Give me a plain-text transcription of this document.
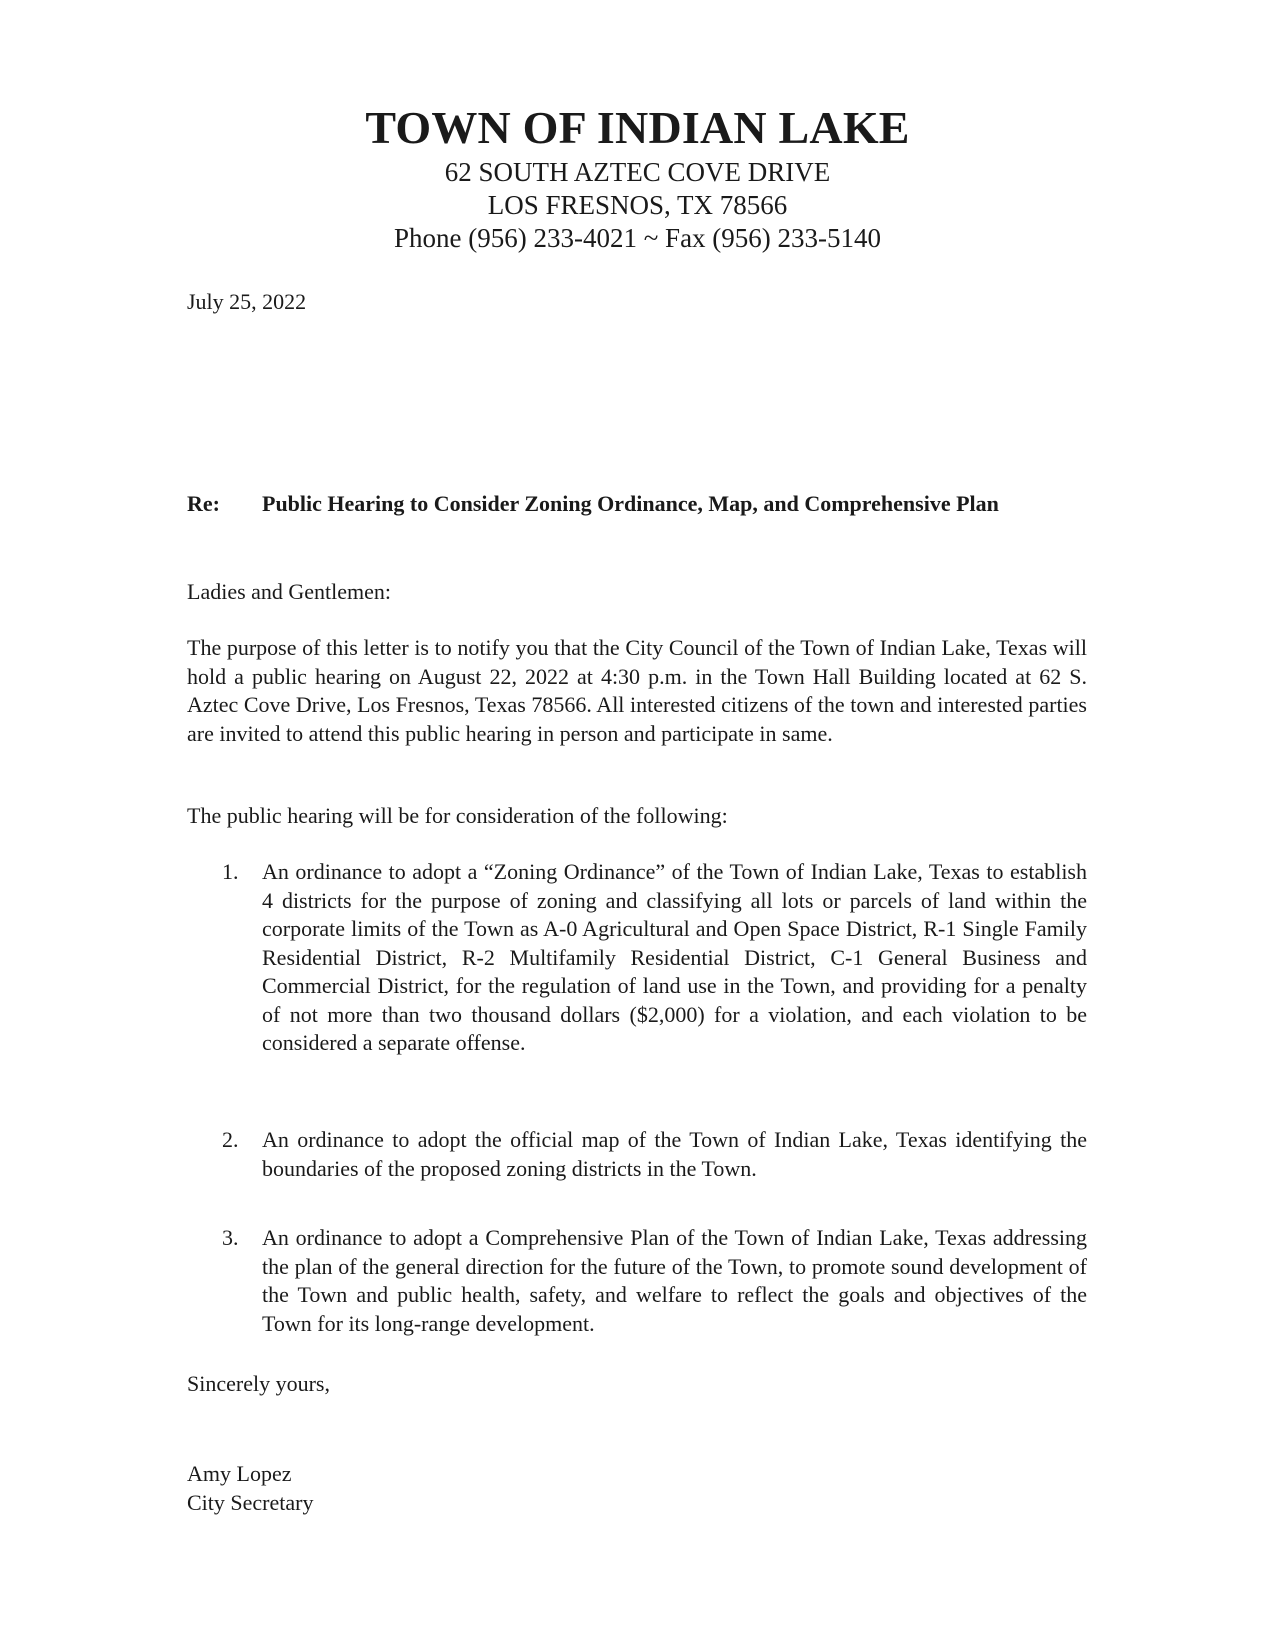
TOWN OF INDIAN LAKE

62 SOUTH AZTEC COVE DRIVE

LOS FRESNOS, TX 78566

Phone (956) 233-4021 ~ Fax (956) 233-5140

July 25, 2022
Re: Public Hearing to Consider Zoning Ordinance, Map, and Comprehensive Plan
Ladies and Gentlemen:
The purpose of this letter is to notify you that the City Council of the Town of Indian Lake, Texas will hold a public hearing on August 22, 2022 at 4:30 p.m. in the Town Hall Building located at 62 S. Aztec Cove Drive, Los Fresnos, Texas 78566. All interested citizens of the town and interested parties are invited to attend this public hearing in person and participate in same.
The public hearing will be for consideration of the following:
1. An ordinance to adopt a “Zoning Ordinance” of the Town of Indian Lake, Texas to establish 4 districts for the purpose of zoning and classifying all lots or parcels of land within the corporate limits of the Town as A-0 Agricultural and Open Space District, R-1 Single Family Residential District, R-2 Multifamily Residential District, C-1 General Business and Commercial District, for the regulation of land use in the Town, and providing for a penalty of not more than two thousand dollars ($2,000) for a violation, and each violation to be considered a separate offense.
2. An ordinance to adopt the official map of the Town of Indian Lake, Texas identifying the boundaries of the proposed zoning districts in the Town.
3. An ordinance to adopt a Comprehensive Plan of the Town of Indian Lake, Texas addressing the plan of the general direction for the future of the Town, to promote sound development of the Town and public health, safety, and welfare to reflect the goals and objectives of the Town for its long-range development.
Sincerely yours,
Amy Lopez
City Secretary
